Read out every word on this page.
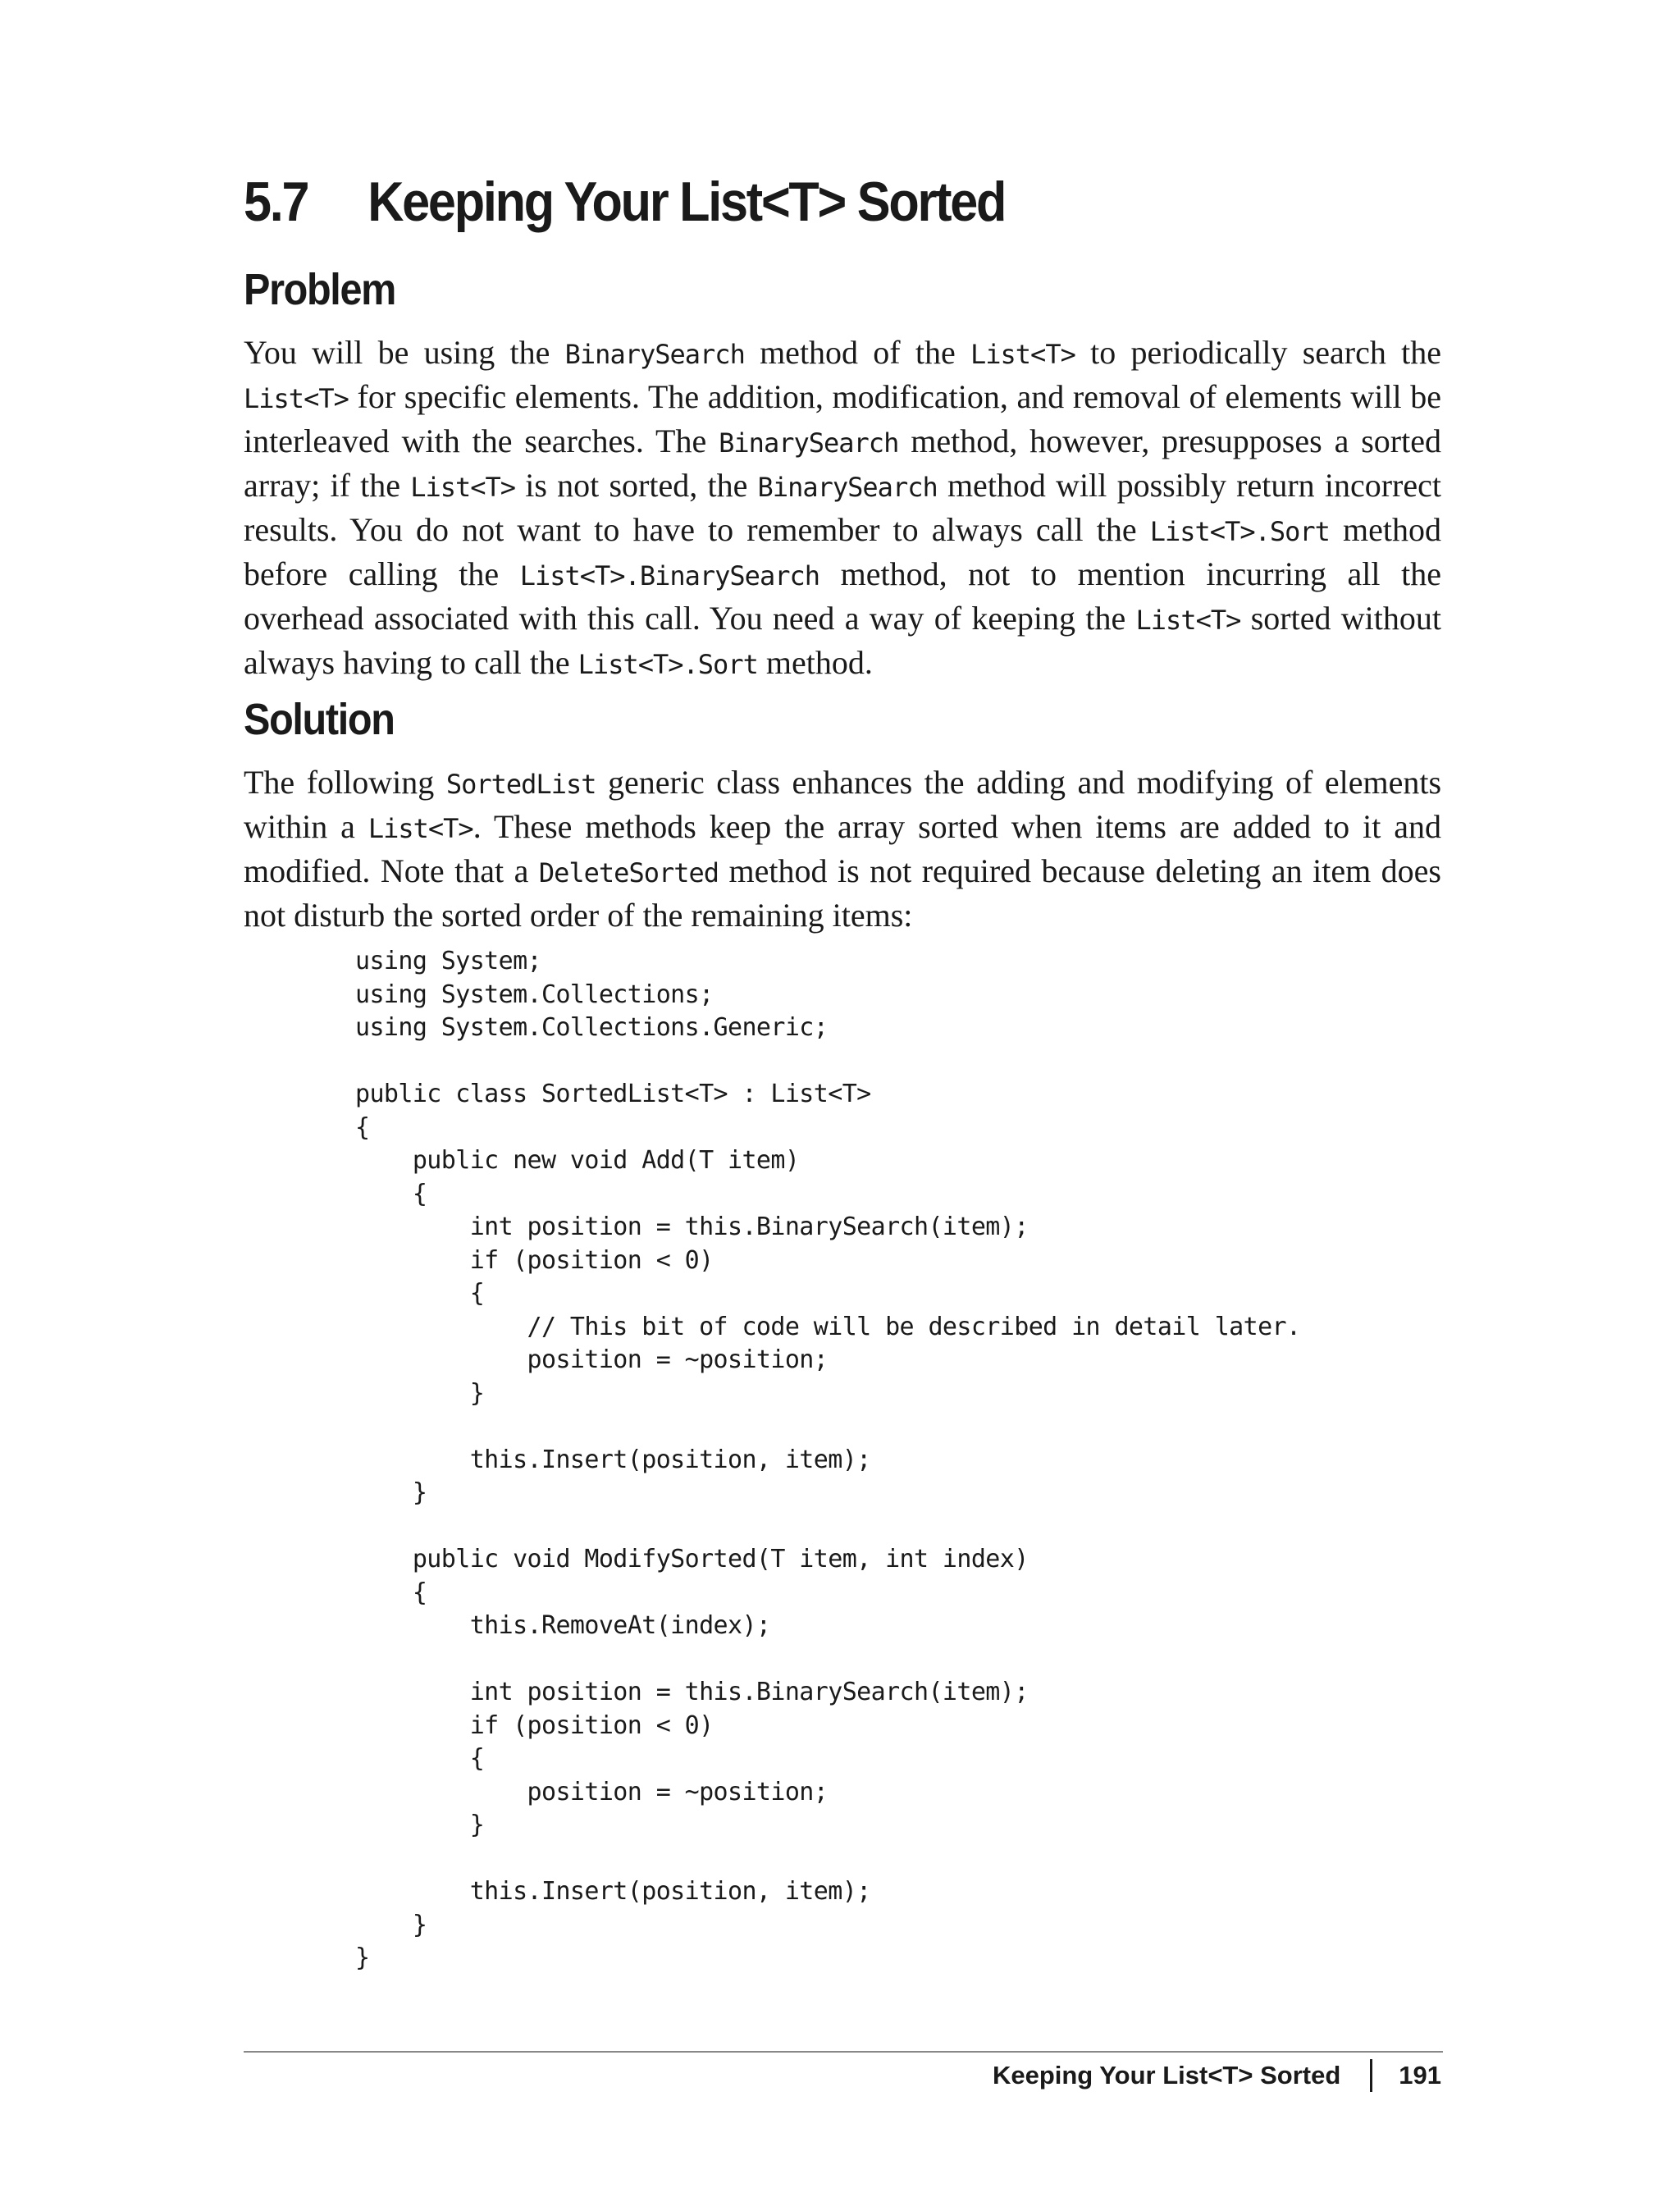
5.7 Keeping Your List<T> Sorted
Problem

You will be using the BinarySearch method of the List<T> to periodically search the List<T> for specific elements. The addition, modification, and removal of elements will be interleaved with the searches. The BinarySearch method, however, presupposes a sorted array; if the List<T> is not sorted, the BinarySearch method will possibly return incorrect results. You do not want to have to remember to always call the List<T>.Sort method before calling the List<T>.BinarySearch method, not to mention incurring all the overhead associated with this call. You need a way of keeping the List<T> sorted without always having to call the List<T>.Sort method.

Solution

The following SortedList generic class enhances the adding and modifying of elements within a List<T>. These methods keep the array sorted when items are added to it and modified. Note that a DeleteSorted method is not required because deleting an item does not disturb the sorted order of the remaining items:

using System;
using System.Collections;
using System.Collections.Generic;

public class SortedList<T> : List<T>
{
public new void Add(T item)
{
int position = this.BinarySearch(item);
if (position < 0)
{
// This bit of code will be described in detail later.
position = ~position;
}

this.Insert(position, item);
}

public void ModifySorted(T item, int index)
{
this.RemoveAt(index);

int position = this.BinarySearch(item);
if (position < 0)
{
position = ~position;
}

this.Insert(position, item);
}
}
Keeping Your List<T> Sorted 191
